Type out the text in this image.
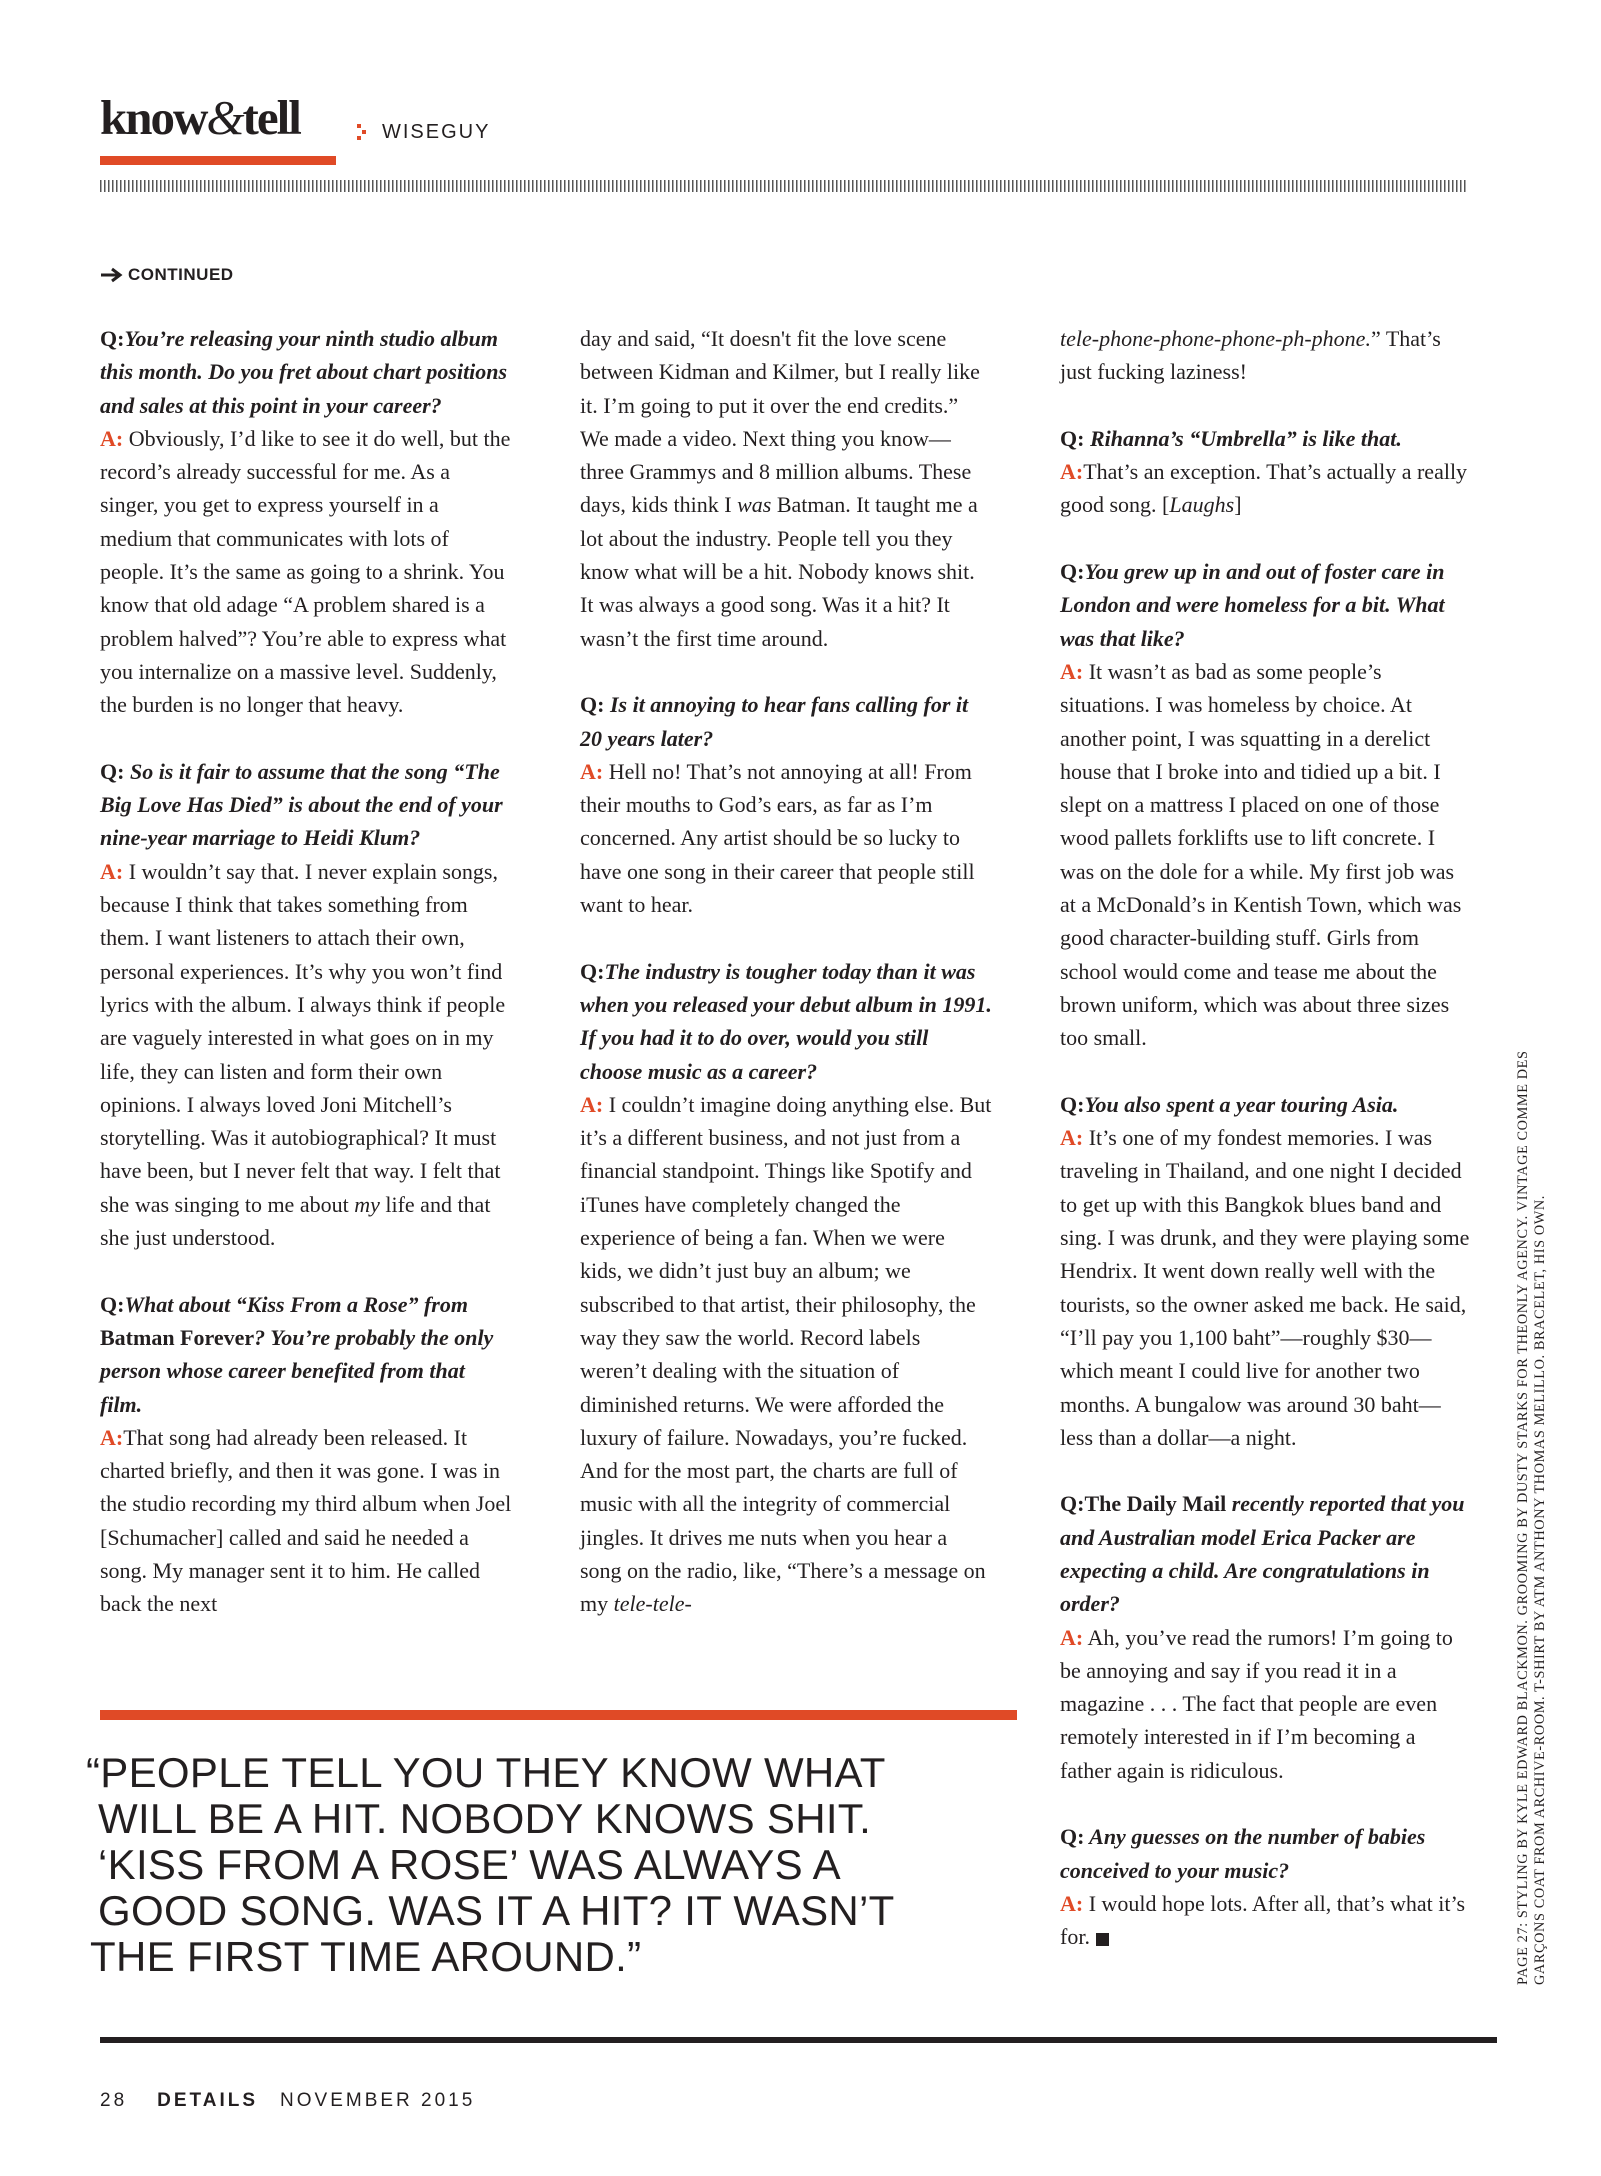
know&tell	WISEGUY
CONTINUED

Q:You’re releasing your ninth studio album this month. Do you fret about chart positions and sales at this point in your career?

A: Obviously, I’d like to see it do well, but the record’s already successful for me. As a singer, you get to express yourself in a medium that communicates with lots of people. It’s the same as going to a shrink. You know that old adage “A problem shared is a problem halved”? You’re able to express what you internalize on a massive level. Suddenly, the burden is no longer that heavy.

Q: So is it fair to assume that the song “The Big Love Has Died” is about the end of your nine-year marriage to Heidi Klum?

A: I wouldn’t say that. I never explain songs, because I think that takes something from them. I want listeners to attach their own, personal experiences. It’s why you won’t find lyrics with the album. I always think if people are vaguely interested in what goes on in my life, they can listen and form their own opinions. I always loved Joni Mitchell’s storytelling. Was it autobiographical? It must have been, but I never felt that way. I felt that she was singing to me about my life and that she just understood.

Q:What about “Kiss From a Rose” from Batman Forever? You’re probably the only person whose career benefited from that film.

A:That song had already been released. It charted briefly, and then it was gone. I was in the studio recording my third album when Joel [Schumacher] called and said he needed a song. My manager sent it to him. He called back the next

day and said, “It doesn't fit the love scene between Kidman and Kilmer, but I really like it. I’m going to put it over the end credits.” We made a video. Next thing you know—three Grammys and 8 million albums. These days, kids think I was Batman. It taught me a lot about the industry. People tell you they know what will be a hit. Nobody knows shit. It was always a good song. Was it a hit? It wasn’t the first time around.

Q: Is it annoying to hear fans calling for it 20 years later?

A: Hell no! That’s not annoying at all! From their mouths to God’s ears, as far as I’m concerned. Any artist should be so lucky to have one song in their career that people still want to hear.

Q:The industry is tougher today than it was when you released your debut album in 1991. If you had it to do over, would you still choose music as a career?

A: I couldn’t imagine doing anything else. But it’s a different business, and not just from a financial standpoint. Things like Spotify and iTunes have completely changed the experience of being a fan. When we were kids, we didn’t just buy an album; we subscribed to that artist, their philosophy, the way they saw the world. Record labels weren’t dealing with the situation of diminished returns. We were afforded the luxury of failure. Nowadays, you’re fucked. And for the most part, the charts are full of music with all the integrity of commercial jingles. It drives me nuts when you hear a song on the radio, like, “There’s a message on my tele-tele-

tele-phone-phone-phone-ph-phone.” That’s just fucking laziness!

Q: Rihanna’s “Umbrella” is like that.

A:That’s an exception. That’s actually a really good song. [Laughs]

Q:You grew up in and out of foster care in London and were homeless for a bit. What was that like?

A: It wasn’t as bad as some people’s situations. I was homeless by choice. At another point, I was squatting in a derelict house that I broke into and tidied up a bit. I slept on a mattress I placed on one of those wood pallets forklifts use to lift concrete. I was on the dole for a while. My first job was at a McDonald’s in Kentish Town, which was good character-building stuff. Girls from school would come and tease me about the brown uniform, which was about three sizes too small.

Q:You also spent a year touring Asia.

A: It’s one of my fondest memories. I was traveling in Thailand, and one night I decided to get up with this Bangkok blues band and sing. I was drunk, and they were playing some Hendrix. It went down really well with the tourists, so the owner asked me back. He said, “I’ll pay you 1,100 baht”—roughly $30—which meant I could live for another two months. A bungalow was around 30 baht—less than a dollar—a night.

Q:The Daily Mail recently reported that you and Australian model Erica Packer are expecting a child. Are congratulations in order?

A: Ah, you’ve read the rumors! I’m going to be annoying and say if you read it in a magazine . . . The fact that people are even remotely interested in if I’m becoming a father again is ridiculous.

Q: Any guesses on the number of babies conceived to your music?

A: I would hope lots. After all, that’s what it’s for.

“PEOPLE TELL YOU THEY KNOW WHAT
WILL BE A HIT. NOBODY KNOWS SHIT.
‘KISS FROM A ROSE’ WAS ALWAYS A
GOOD SONG. WAS IT A HIT? IT WASN’T
THE FIRST TIME AROUND.”	PAGE 27: STYLING BY KYLE EDWARD BLACKMON. GROOMING BY DUSTY STARKS FOR THEONLY AGENCY. VINTAGE COMME DES GARÇONS COAT FROM ARCHIVE-ROOM. T-SHIRT BY ATM ANTHONY THOMAS MELILLO. BRACELET, HIS OWN.
28 DETAILS NOVEMBER 2015
